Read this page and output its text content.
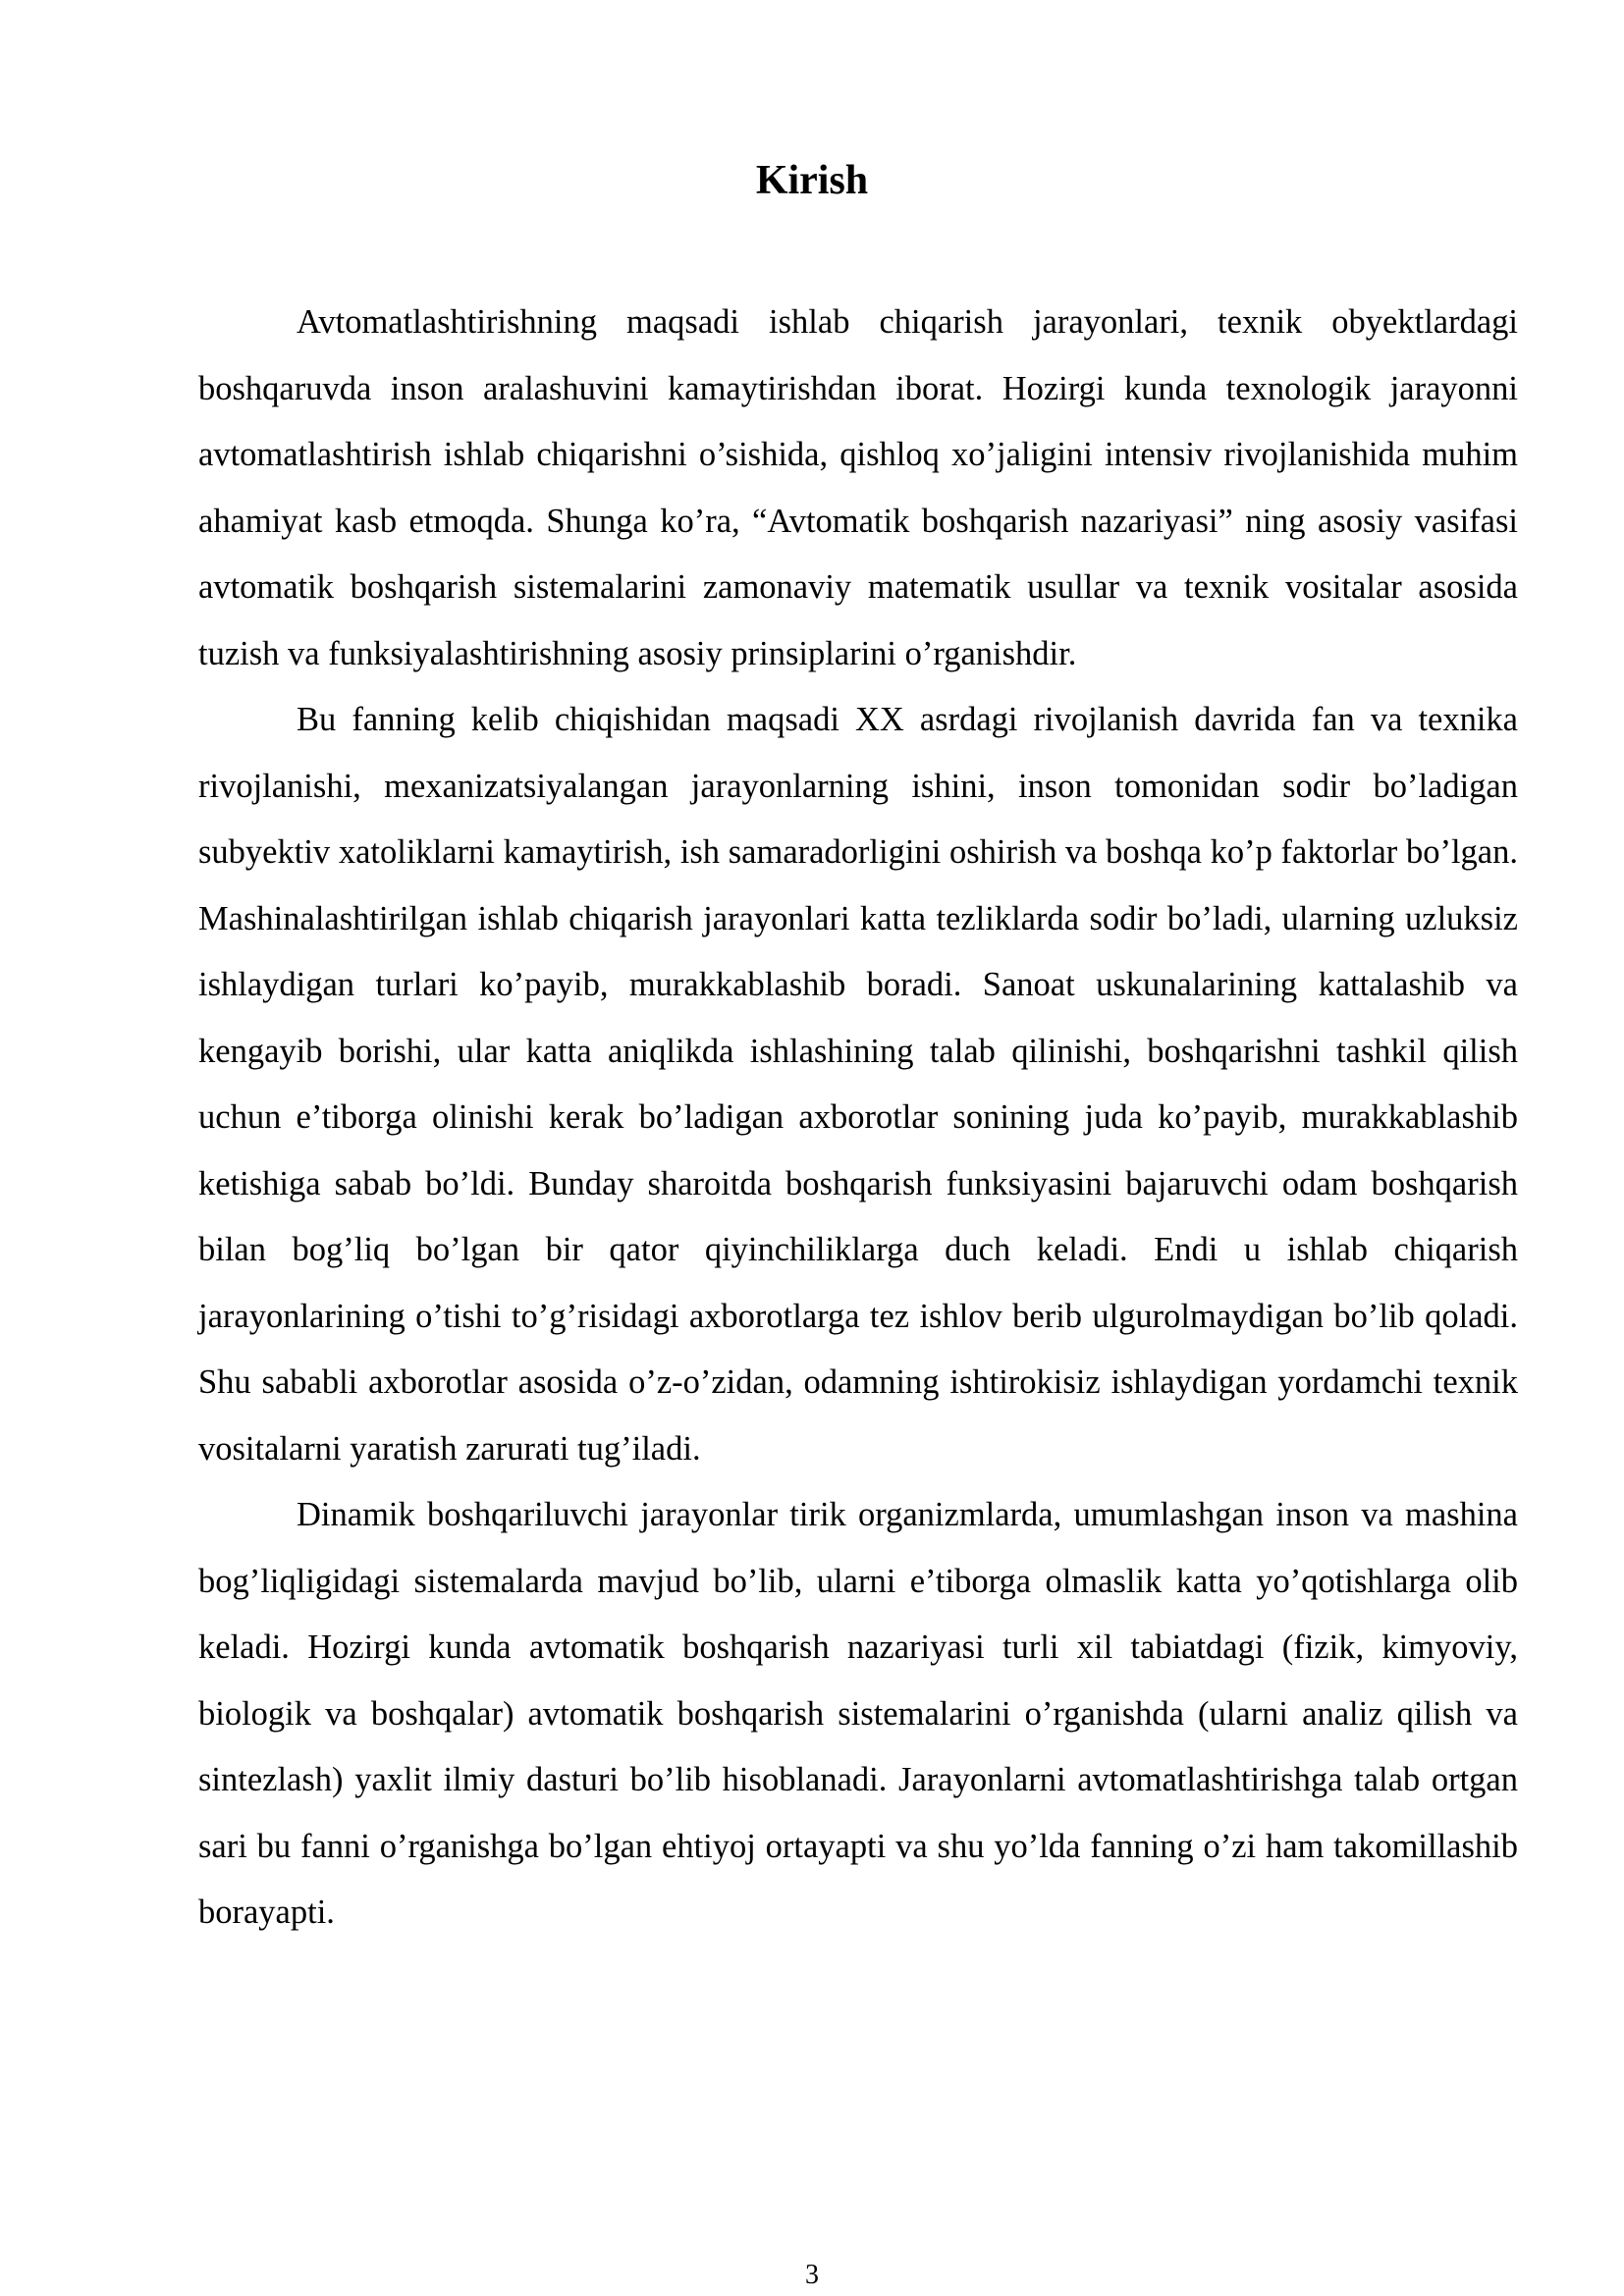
Kirish

Avtomatlashtirishning maqsadi ishlab chiqarish jarayonlari, texnik obyektlardagi boshqaruvda inson aralashuvini kamaytirishdan iborat. Hozirgi kunda texnologik jarayonni avtomatlashtirish ishlab chiqarishni o’sishida, qishloq xo’jaligini intensiv rivojlanishida muhim ahamiyat kasb etmoqda. Shunga ko’ra, “Avtomatik boshqarish nazariyasi” ning asosiy vasifasi avtomatik boshqarish sistemalarini zamonaviy matematik usullar va texnik vositalar asosida tuzish va funksiyalashtirishning asosiy prinsiplarini o’rganishdir.

Bu fanning kelib chiqishidan maqsadi XX asrdagi rivojlanish davrida fan va texnika rivojlanishi, mexanizatsiyalangan jarayonlarning ishini, inson tomonidan sodir bo’ladigan subyektiv xatoliklarni kamaytirish, ish samaradorligini oshirish va boshqa ko’p faktorlar bo’lgan. Mashinalashtirilgan ishlab chiqarish jarayonlari katta tezliklarda sodir bo’ladi, ularning uzluksiz ishlaydigan turlari ko’payib, murakkablashib boradi. Sanoat uskunalarining kattalashib va kengayib borishi, ular katta aniqlikda ishlashining talab qilinishi, boshqarishni tashkil qilish uchun e’tiborga olinishi kerak bo’ladigan axborotlar sonining juda ko’payib, murakkablashib ketishiga sabab bo’ldi. Bunday sharoitda boshqarish funksiyasini bajaruvchi odam boshqarish bilan bog’liq bo’lgan bir qator qiyinchiliklarga duch keladi. Endi u ishlab chiqarish jarayonlarining o’tishi to’g’risidagi axborotlarga tez ishlov berib ulgurolmaydigan bo’lib qoladi. Shu sababli axborotlar asosida o’z-o’zidan, odamning ishtirokisiz ishlaydigan yordamchi texnik vositalarni yaratish zarurati tug’iladi.

Dinamik boshqariluvchi jarayonlar tirik organizmlarda, umumlashgan inson va mashina bog’liqligidagi sistemalarda mavjud bo’lib, ularni e’tiborga olmaslik katta yo’qotishlarga olib keladi. Hozirgi kunda avtomatik boshqarish nazariyasi turli xil tabiatdagi (fizik, kimyoviy, biologik va boshqalar) avtomatik boshqarish sistemalarini o’rganishda (ularni analiz qilish va sintezlash) yaxlit ilmiy dasturi bo’lib hisoblanadi. Jarayonlarni avtomatlashtirishga talab ortgan sari bu fanni o’rganishga bo’lgan ehtiyoj ortayapti va shu yo’lda fanning o’zi ham takomillashib borayapti.

3
